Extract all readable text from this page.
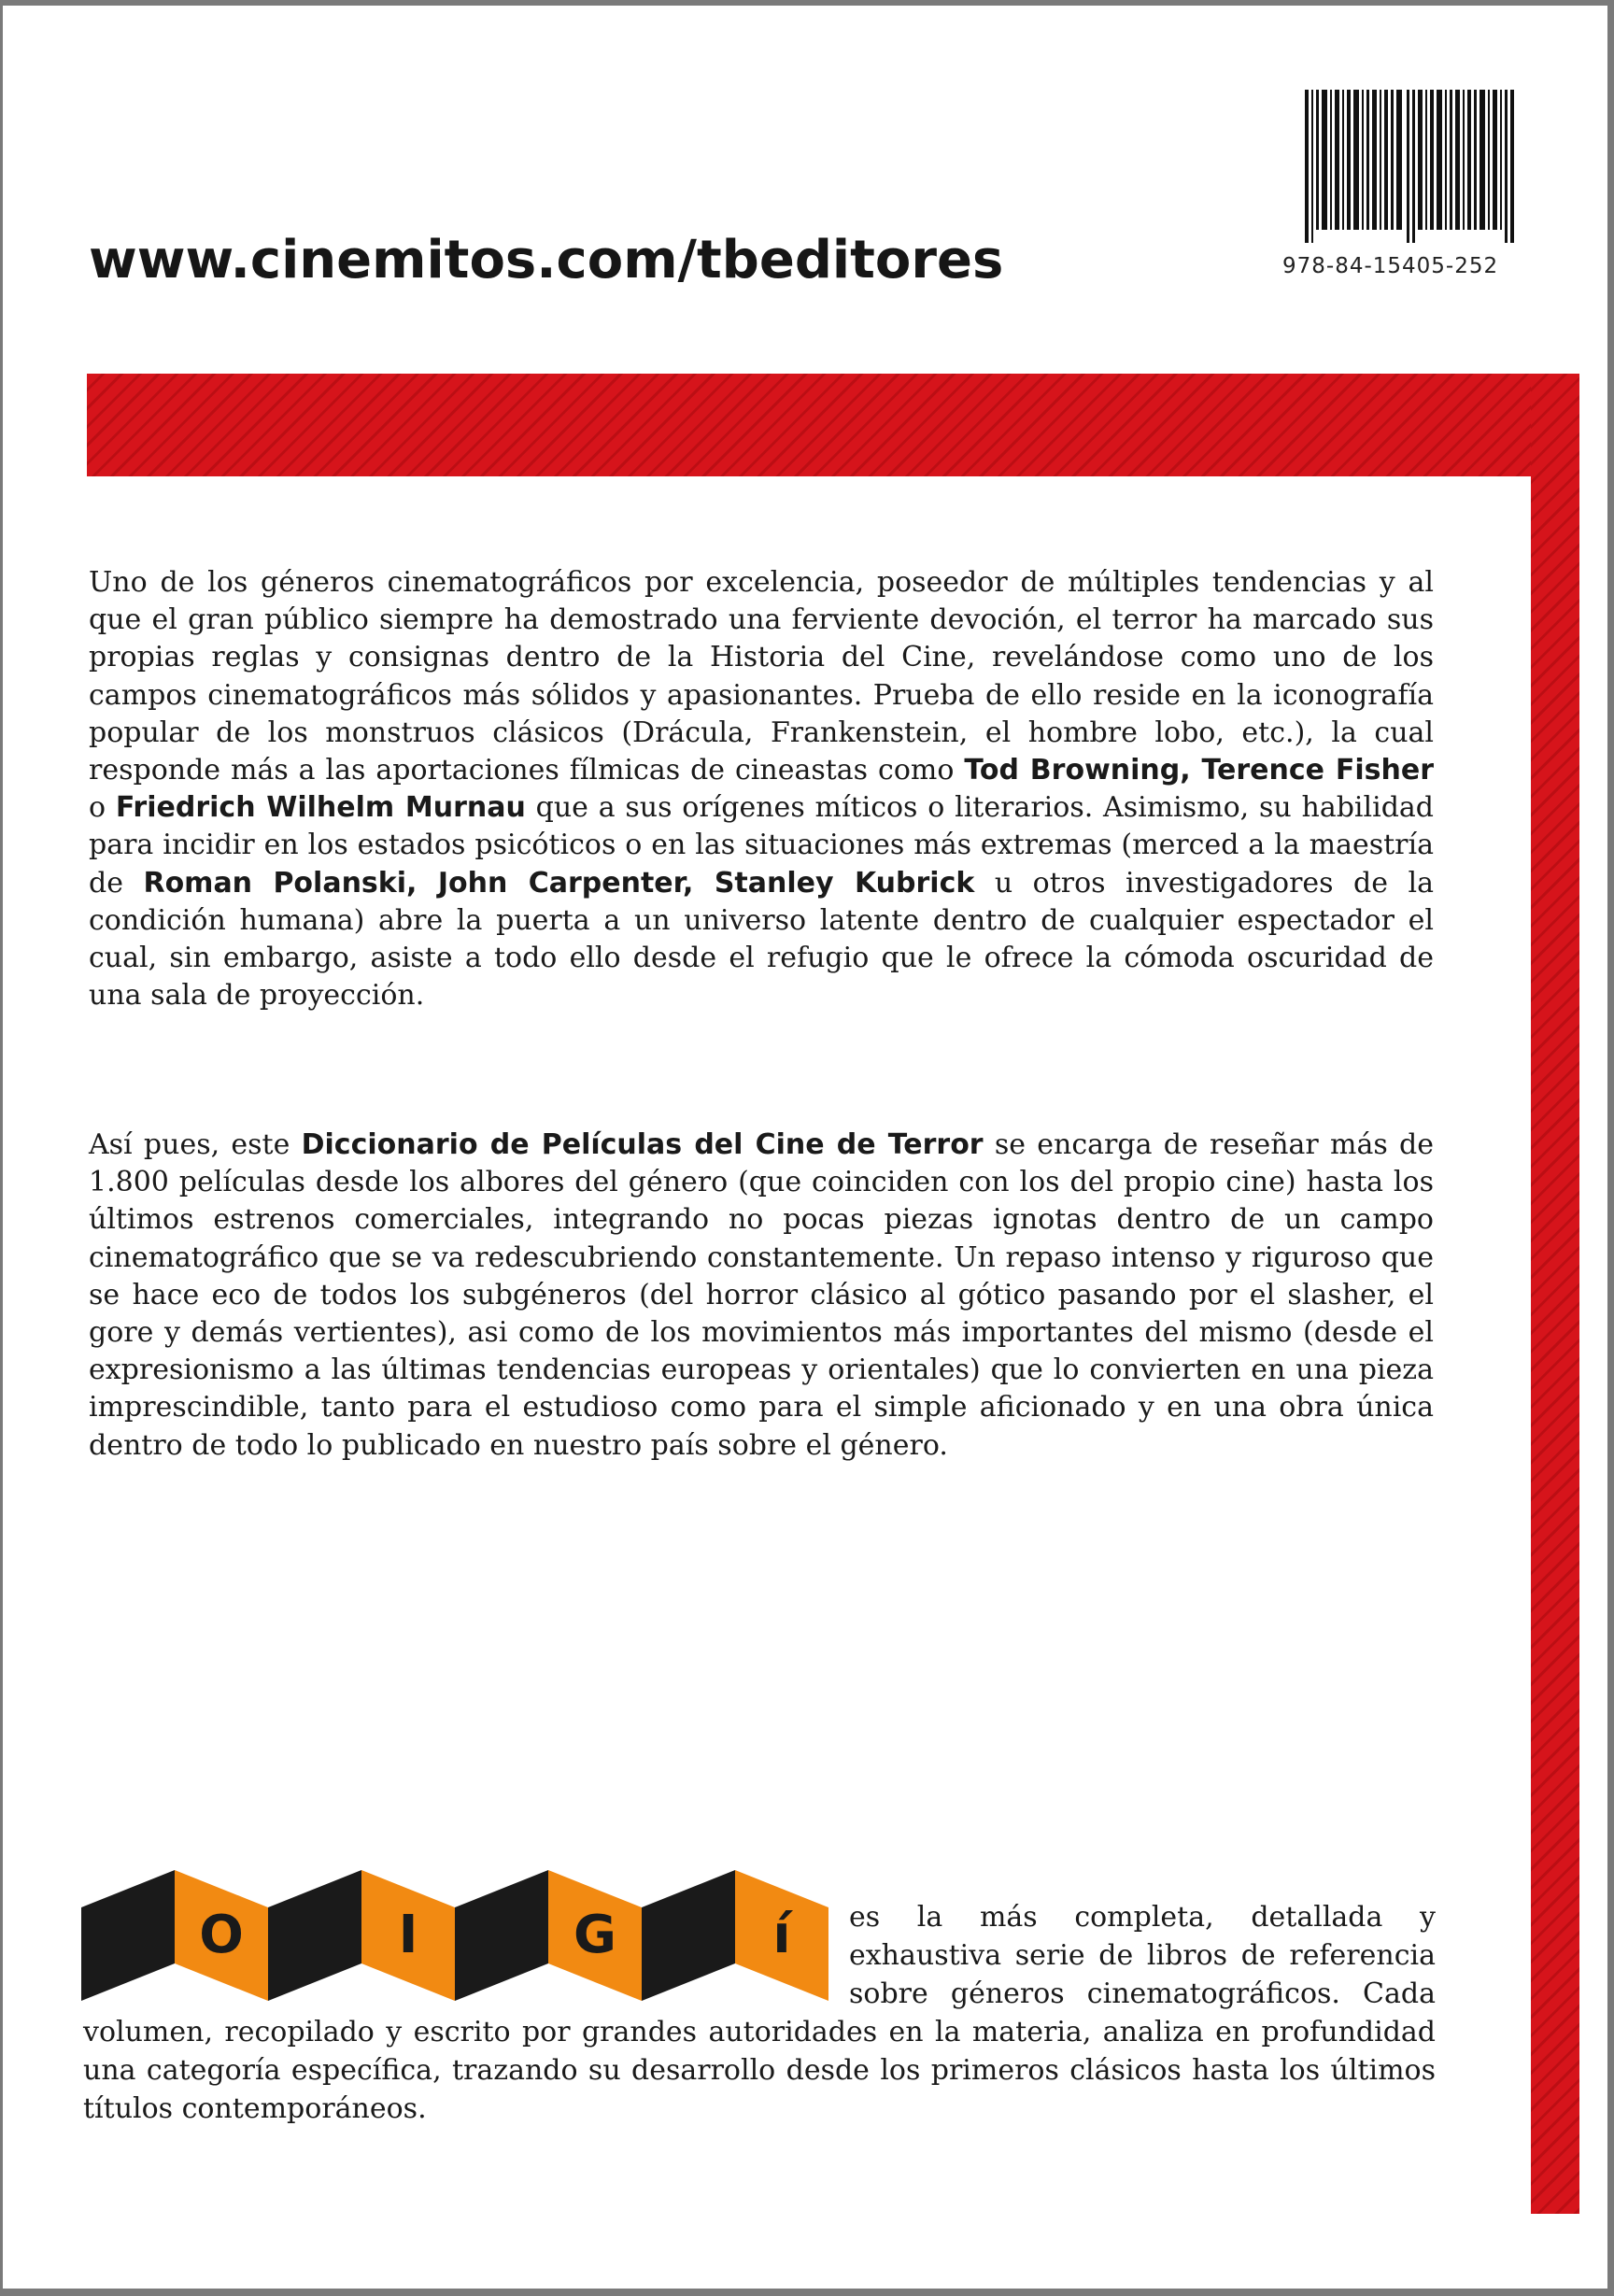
www.cinemitos.com/tbeditores	978-84-15405-252

Uno de los géneros cinematográficos por excelencia, poseedor de múltiples tendencias y al que el gran público siempre ha demostrado una ferviente devoción, el terror ha marcado sus propias reglas y consignas dentro de la Historia del Cine, revelándose como uno de los campos cinematográficos más sólidos y apasionantes. Prueba de ello reside en la iconografía popular de los monstruos clásicos (Drácula, Frankenstein, el hombre lobo, etc.), la cual responde más a las aportaciones fílmicas de cineastas como Tod Browning, Terence Fisher o Friedrich Wilhelm Murnau que a sus orígenes míticos o literarios. Asimismo, su habilidad para incidir en los estados psicóticos o en las situaciones más extremas (merced a la maestría de Roman Polanski, John Carpenter, Stanley Kubrick u otros investigadores de la condición humana) abre la puerta a un universo latente dentro de cualquier espectador el cual, sin embargo, asiste a todo ello desde el refugio que le ofrece la cómoda oscuridad de una sala de proyección.

Así pues, este Diccionario de Películas del Cine de Terror se encarga de reseñar más de 1.800 películas desde los albores del género (que coinciden con los del propio cine) hasta los últimos estrenos comerciales, integrando no pocas piezas ignotas dentro de un campo cinematográfico que se va redescubriendo constantemente. Un repaso intenso y riguroso que se hace eco de todos los subgéneros (del horror clásico al gótico pasando por el slasher, el gore y demás vertientes), asi como de los movimientos más importantes del mismo (desde el expresionismo a las últimas tendencias europeas y orientales) que lo convierten en una pieza imprescindible, tanto para el estudioso como para el simple aficionado y en una obra única dentro de todo lo publicado en nuestro país sobre el género.

O	I	G	í	es la más completa, detallada y exhaustiva serie de libros de referencia sobre géneros cinematográficos. Cada volumen, recopilado y escrito por grandes autoridades en la materia, analiza en profundidad una categoría específica, trazando su desarrollo desde los primeros clásicos hasta los últimos títulos contemporáneos.
